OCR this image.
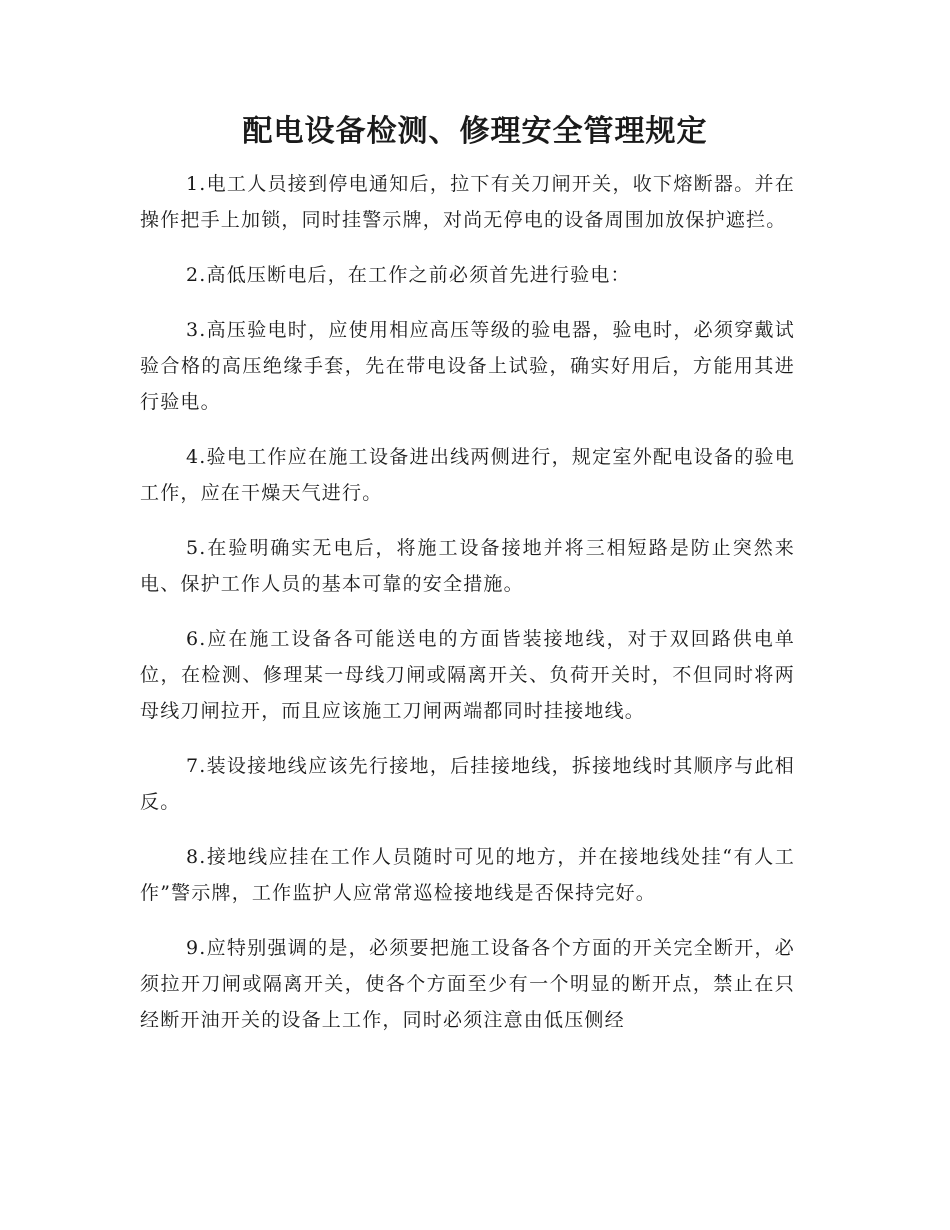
配电设备检测、修理安全管理规定

1.电工人员接到停电通知后，拉下有关刀闸开关，收下熔断器。并在操作把手上加锁，同时挂警示牌，对尚无停电的设备周围加放保护遮拦。

2.高低压断电后，在工作之前必须首先进行验电：

3.高压验电时，应使用相应高压等级的验电器，验电时，必须穿戴试验合格的高压绝缘手套，先在带电设备上试验，确实好用后，方能用其进行验电。

4.验电工作应在施工设备进出线两侧进行，规定室外配电设备的验电工作，应在干燥天气进行。

5.在验明确实无电后，将施工设备接地并将三相短路是防止突然来电、保护工作人员的基本可靠的安全措施。

6.应在施工设备各可能送电的方面皆装接地线，对于双回路供电单位，在检测、修理某一母线刀闸或隔离开关、负荷开关时，不但同时将两母线刀闸拉开，而且应该施工刀闸两端都同时挂接地线。

7.装设接地线应该先行接地，后挂接地线，拆接地线时其顺序与此相反。

8.接地线应挂在工作人员随时可见的地方，并在接地线处挂“有人工作”警示牌，工作监护人应常常巡检接地线是否保持完好。

9.应特别强调的是，必须要把施工设备各个方面的开关完全断开，必须拉开刀闸或隔离开关，使各个方面至少有一个明显的断开点，禁止在只经断开油开关的设备上工作，同时必须注意由低压侧经
